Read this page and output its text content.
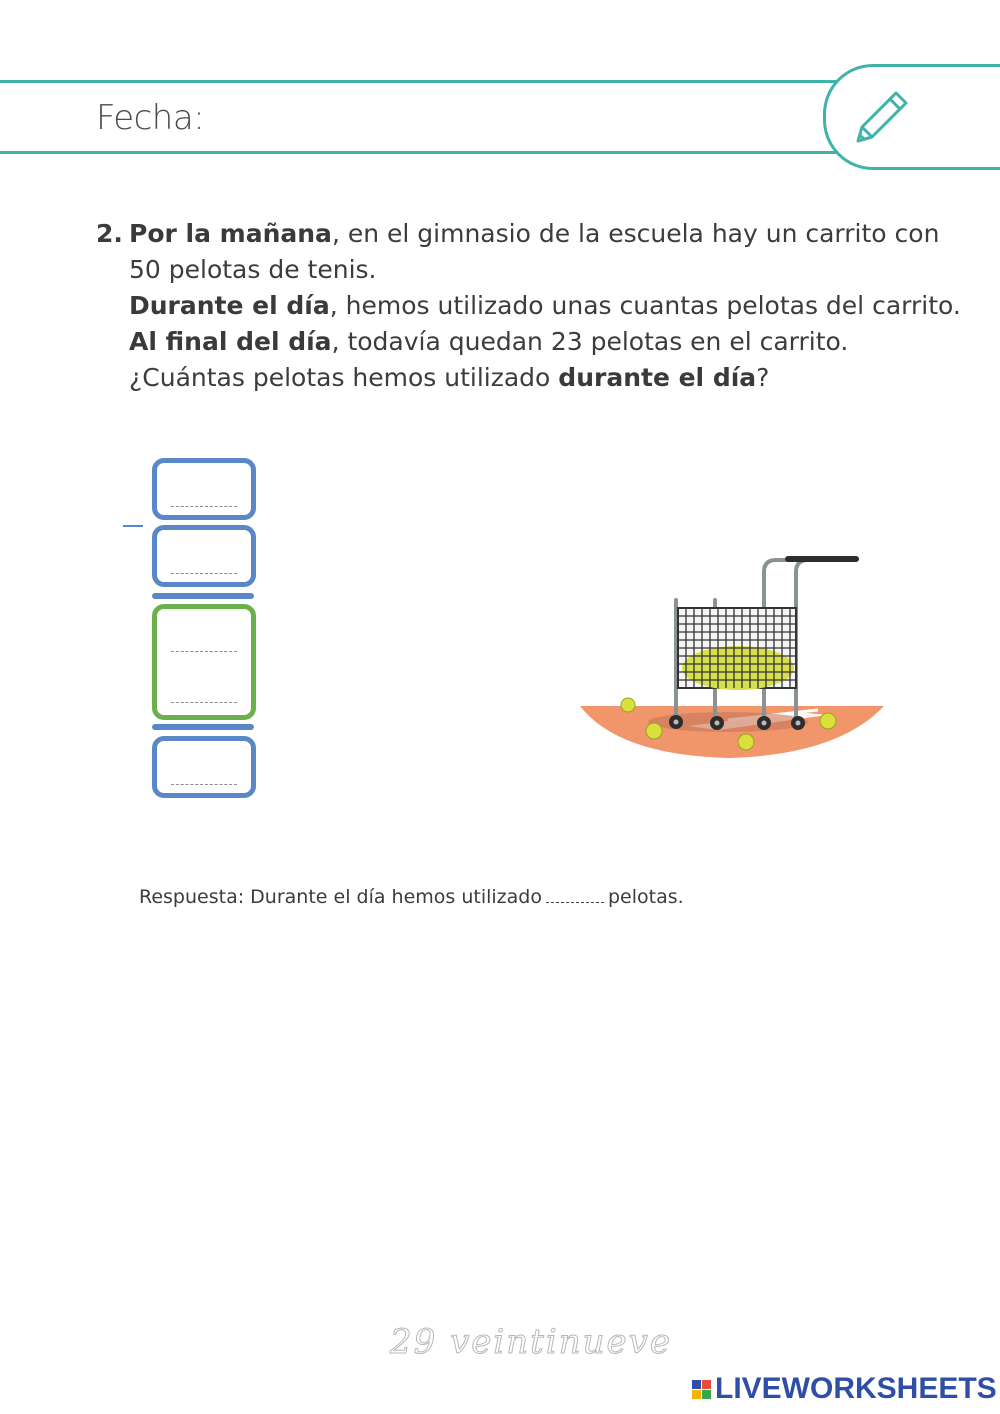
Fecha:
2. Por la mañana, en el gimnasio de la escuela hay un carrito con
50 pelotas de tenis.
Durante el día, hemos utilizado unas cuantas pelotas del carrito.
Al final del día, todavía quedan 23 pelotas en el carrito.
¿Cuántas pelotas hemos utilizado durante el día?
Respuesta: Durante el día hemos utilizado	pelotas.
29 veintinueve
LIVEWORKSHEETS
